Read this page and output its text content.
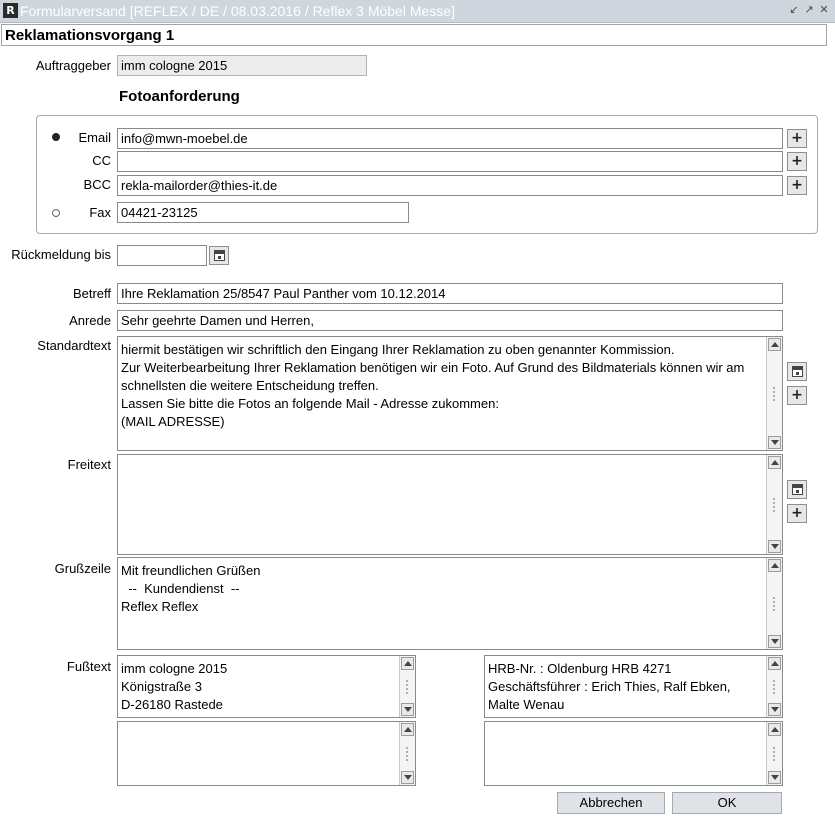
R Formularversand [REFLEX / DE / 08.03.2016 / Reflex 3 Möbel Messe]	↙ ↗ ✕
Reklamationsvorgang 1
Auftraggeber imm cologne 2015
Fotoanforderung
Email info@mwn-moebel.de	+
CC	+
BCC rekla-mailorder@thies-it.de	+
Fax 04421-23125
Rückmeldung bis
Betreff Ihre Reklamation 25/8547 Paul Panther vom 10.12.2014
Anrede Sehr geehrte Damen und Herren,
Standardtext hiermit bestätigen wir schriftlich den Eingang Ihrer Reklamation zu oben genannter Kommission.
Zur Weiterbearbeitung Ihrer Reklamation benötigen wir ein Foto. Auf Grund des Bildmaterials können wir am
schnellsten die weitere Entscheidung treffen.
Lassen Sie bitte die Fotos an folgende Mail - Adresse zukommen:
(MAIL ADRESSE)
+
Freitext
+
Grußzeile Mit freundlichen Grüßen
--  Kundendienst  --
Reflex Reflex
Fußtext imm cologne 2015
Königstraße 3
D-26180 Rastede
HRB-Nr. : Oldenburg HRB 4271
Geschäftsführer : Erich Thies, Ralf Ebken,
Malte Wenau
Abbrechen	OK
